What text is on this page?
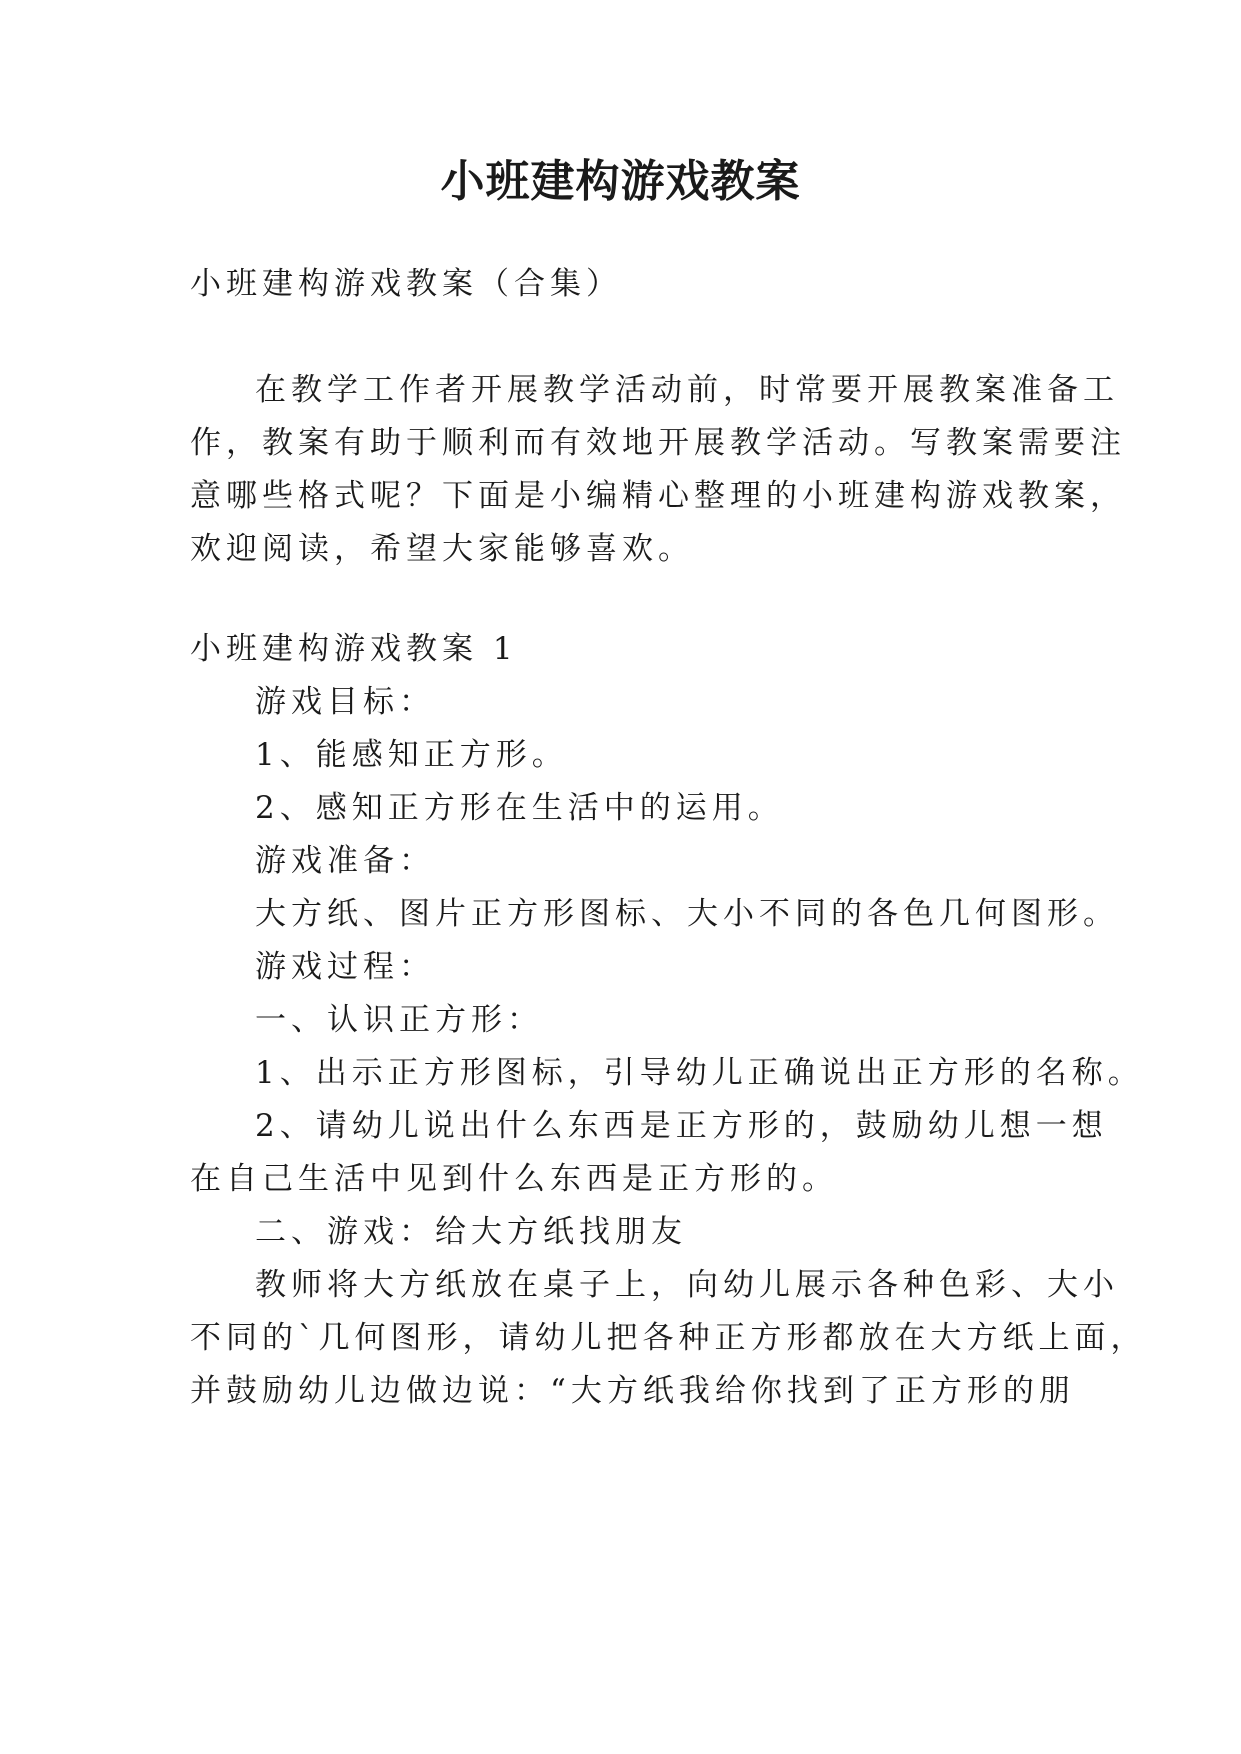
小班建构游戏教案

小班建构游戏教案（合集）

在教学工作者开展教学活动前，时常要开展教案准备工

作，教案有助于顺利而有效地开展教学活动。写教案需要注

意哪些格式呢？下面是小编精心整理的小班建构游戏教案，

欢迎阅读，希望大家能够喜欢。

小班建构游戏教案 1

游戏目标：

1、能感知正方形。

2、感知正方形在生活中的运用。

游戏准备：

大方纸、图片正方形图标、大小不同的各色几何图形。

游戏过程：

一、认识正方形：

1、出示正方形图标，引导幼儿正确说出正方形的名称。

2、请幼儿说出什么东西是正方形的，鼓励幼儿想一想

在自己生活中见到什么东西是正方形的。

二、游戏：给大方纸找朋友

教师将大方纸放在桌子上，向幼儿展示各种色彩、大小

不同的`几何图形，请幼儿把各种正方形都放在大方纸上面，

并鼓励幼儿边做边说：“大方纸我给你找到了正方形的朋
